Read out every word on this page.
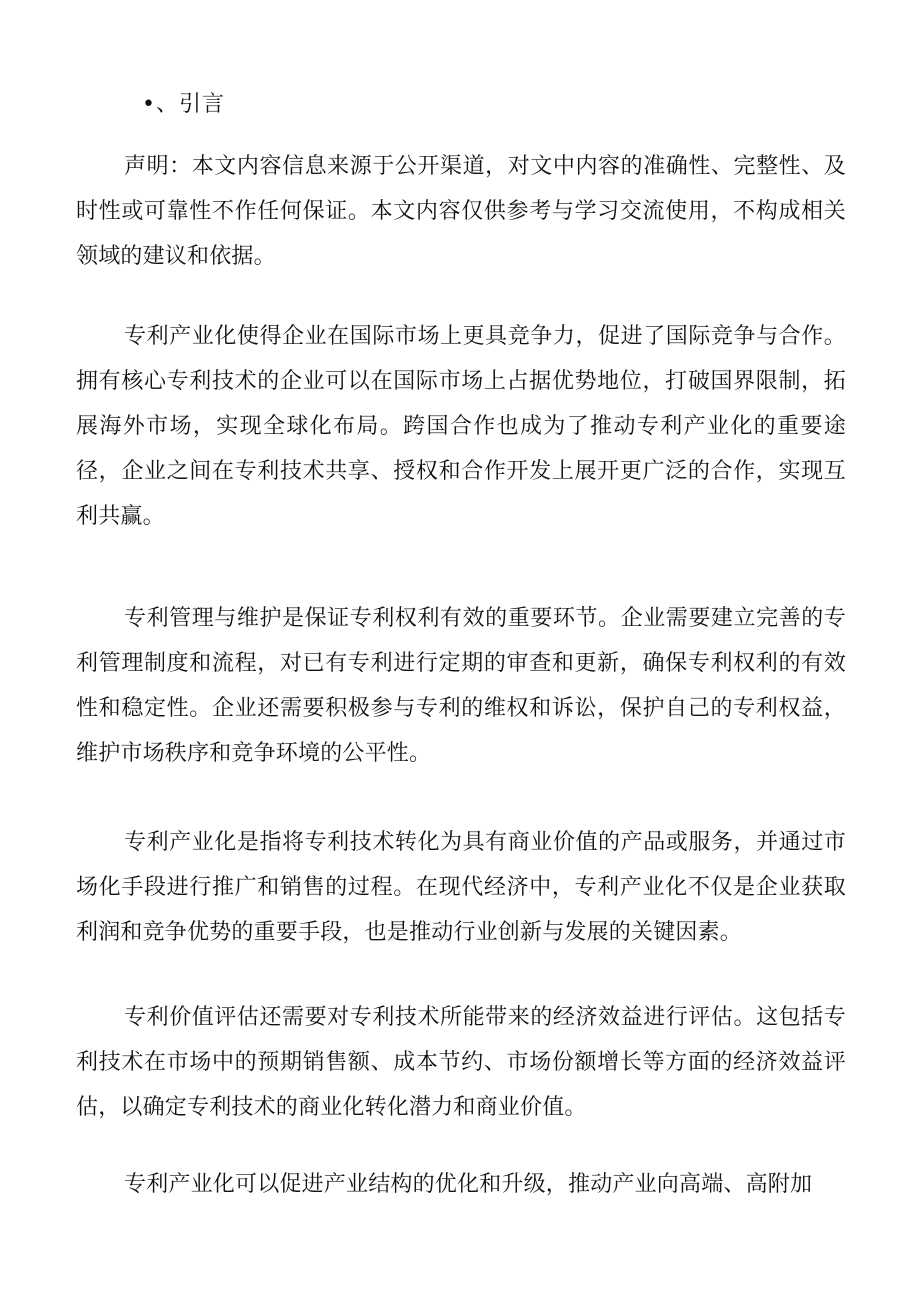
•、引言

声明：本文内容信息来源于公开渠道，对文中内容的准确性、完整性、及时性或可靠性不作任何保证。本文内容仅供参考与学习交流使用，不构成相关领域的建议和依据。

专利产业化使得企业在国际市场上更具竞争力，促进了国际竞争与合作。拥有核心专利技术的企业可以在国际市场上占据优势地位，打破国界限制，拓展海外市场，实现全球化布局。跨国合作也成为了推动专利产业化的重要途径，企业之间在专利技术共享、授权和合作开发上展开更广泛的合作，实现互利共赢。

专利管理与维护是保证专利权利有效的重要环节。企业需要建立完善的专利管理制度和流程，对已有专利进行定期的审查和更新，确保专利权利的有效性和稳定性。企业还需要积极参与专利的维权和诉讼，保护自己的专利权益，维护市场秩序和竞争环境的公平性。

专利产业化是指将专利技术转化为具有商业价值的产品或服务，并通过市场化手段进行推广和销售的过程。在现代经济中，专利产业化不仅是企业获取利润和竞争优势的重要手段，也是推动行业创新与发展的关键因素。

专利价值评估还需要对专利技术所能带来的经济效益进行评估。这包括专利技术在市场中的预期销售额、成本节约、市场份额增长等方面的经济效益评估，以确定专利技术的商业化转化潜力和商业价值。

专利产业化可以促进产业结构的优化和升级，推动产业向高端、高附加
